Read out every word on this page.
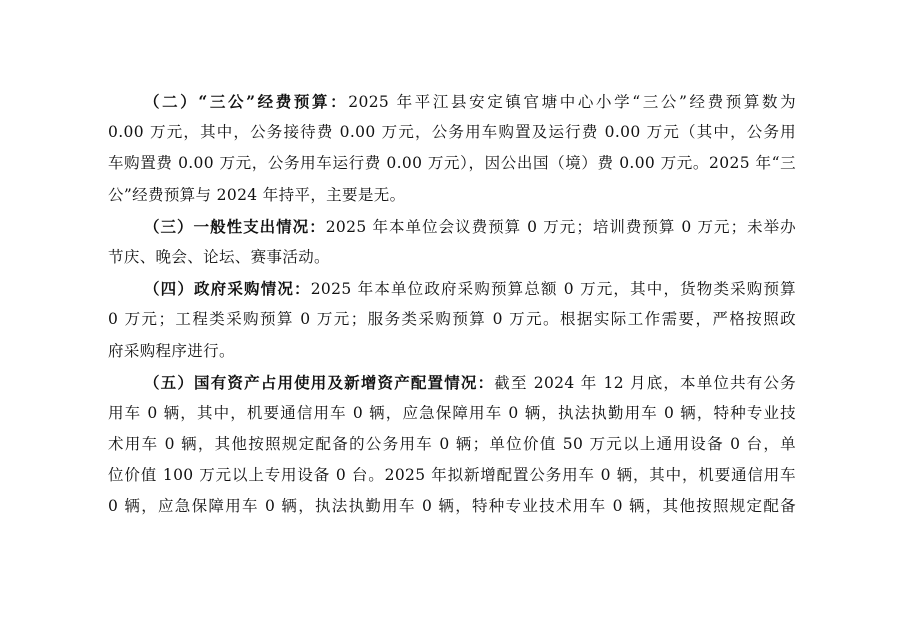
（二）“三公”经费预算：2025 年平江县安定镇官塘中心小学“三公”经费预算数为
0.00 万元，其中，公务接待费 0.00 万元，公务用车购置及运行费 0.00 万元（其中，公务用
车购置费 0.00 万元，公务用车运行费 0.00 万元），因公出国（境）费 0.00 万元。2025 年“三
公”经费预算与 2024 年持平，主要是无。
（三）一般性支出情况：2025 年本单位会议费预算 0 万元；培训费预算 0 万元；未举办
节庆、晚会、论坛、赛事活动。
（四）政府采购情况：2025 年本单位政府采购预算总额 0 万元，其中，货物类采购预算
0 万元；工程类采购预算 0 万元；服务类采购预算 0 万元。根据实际工作需要，严格按照政
府采购程序进行。
（五）国有资产占用使用及新增资产配置情况：截至 2024 年 12 月底，本单位共有公务
用车 0 辆，其中，机要通信用车 0 辆，应急保障用车 0 辆，执法执勤用车 0 辆，特种专业技
术用车 0 辆，其他按照规定配备的公务用车 0 辆；单位价值 50 万元以上通用设备 0 台，单
位价值 100 万元以上专用设备 0 台。2025 年拟新增配置公务用车 0 辆，其中，机要通信用车
0 辆，应急保障用车 0 辆，执法执勤用车 0 辆，特种专业技术用车 0 辆，其他按照规定配备
